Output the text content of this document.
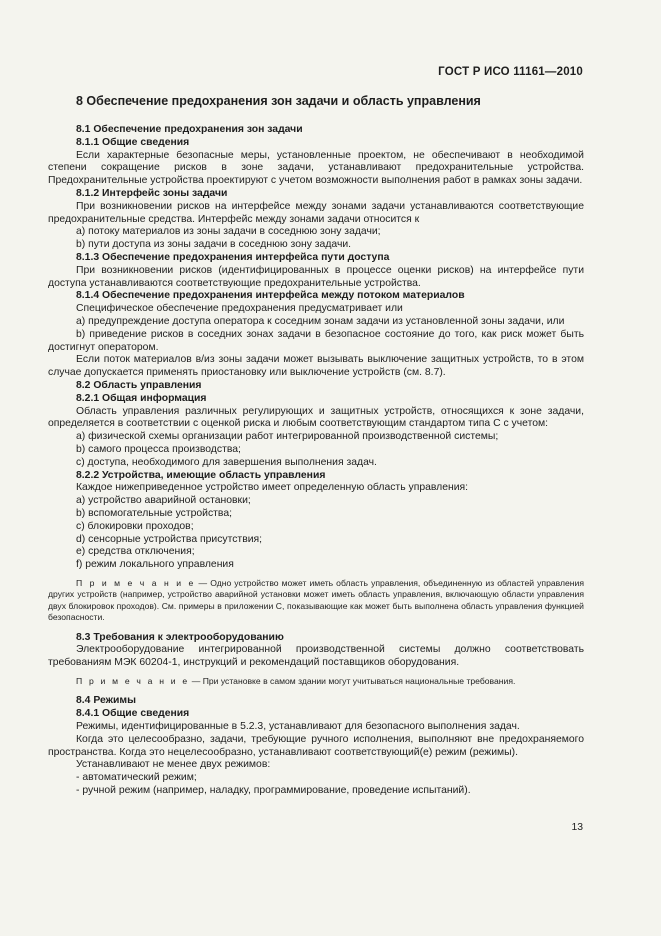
ГОСТ Р ИСО 11161—2010
8 Обеспечение предохранения зон задачи и область управления

8.1 Обеспечение предохранения зон задачи

8.1.1 Общие сведения

Если характерные безопасные меры, установленные проектом, не обеспечивают в необходимой степени сокращение рисков в зоне задачи, устанавливают предохранительные устройства. Предохранительные устройства проектируют с учетом возможности выполнения работ в рамках зоны задачи.

8.1.2 Интерфейс зоны задачи

При возникновении рисков на интерфейсе между зонами задачи устанавливаются соответствующие предохранительные средства. Интерфейс между зонами задачи относится к

a) потоку материалов из зоны задачи в соседнюю зону задачи;

b) пути доступа из зоны задачи в соседнюю зону задачи.

8.1.3 Обеспечение предохранения интерфейса пути доступа

При возникновении рисков (идентифицированных в процессе оценки рисков) на интерфейсе пути доступа устанавливаются соответствующие предохранительные устройства.

8.1.4 Обеспечение предохранения интерфейса между потоком материалов

Специфическое обеспечение предохранения предусматривает или

a) предупреждение доступа оператора к соседним зонам задачи из установленной зоны задачи, или

b) приведение рисков в соседних зонах задачи в безопасное состояние до того, как риск может быть достигнут оператором.

Если поток материалов в/из зоны задачи может вызывать выключение защитных устройств, то в этом случае допускается применять приостановку или выключение устройств (см. 8.7).

8.2 Область управления

8.2.1 Общая информация

Область управления различных регулирующих и защитных устройств, относящихся к зоне задачи, определяется в соответствии с оценкой риска и любым соответствующим стандартом типа С с учетом:

a) физической схемы организации работ интегрированной производственной системы;

b) самого процесса производства;

c) доступа, необходимого для завершения выполнения задач.

8.2.2 Устройства, имеющие область управления

Каждое нижеприведенное устройство имеет определенную область управления:

a) устройство аварийной остановки;

b) вспомогательные устройства;

c) блокировки проходов;

d) сенсорные устройства присутствия;

e) средства отключения;

f) режим локального управления

П р и м е ч а н и е — Одно устройство может иметь область управления, объединенную из областей управления других устройств (например, устройство аварийной установки может иметь область управления, включающую области управления двух блокировок проходов). См. примеры в приложении С, показывающие как может быть выполнена область управления функцией безопасности.

8.3 Требования к электрооборудованию

Электрооборудование интегрированной производственной системы должно соответствовать требованиям МЭК 60204-1, инструкций и рекомендаций поставщиков оборудования.

П р и м е ч а н и е — При установке в самом здании могут учитываться национальные требования.

8.4 Режимы

8.4.1 Общие сведения

Режимы, идентифицированные в 5.2.3, устанавливают для безопасного выполнения задач.

Когда это целесообразно, задачи, требующие ручного исполнения, выполняют вне предохраняемого пространства. Когда это нецелесообразно, устанавливают соответствующий(е) режим (режимы).

Устанавливают не менее двух режимов:

- автоматический режим;

- ручной режим (например, наладку, программирование, проведение испытаний).

13
